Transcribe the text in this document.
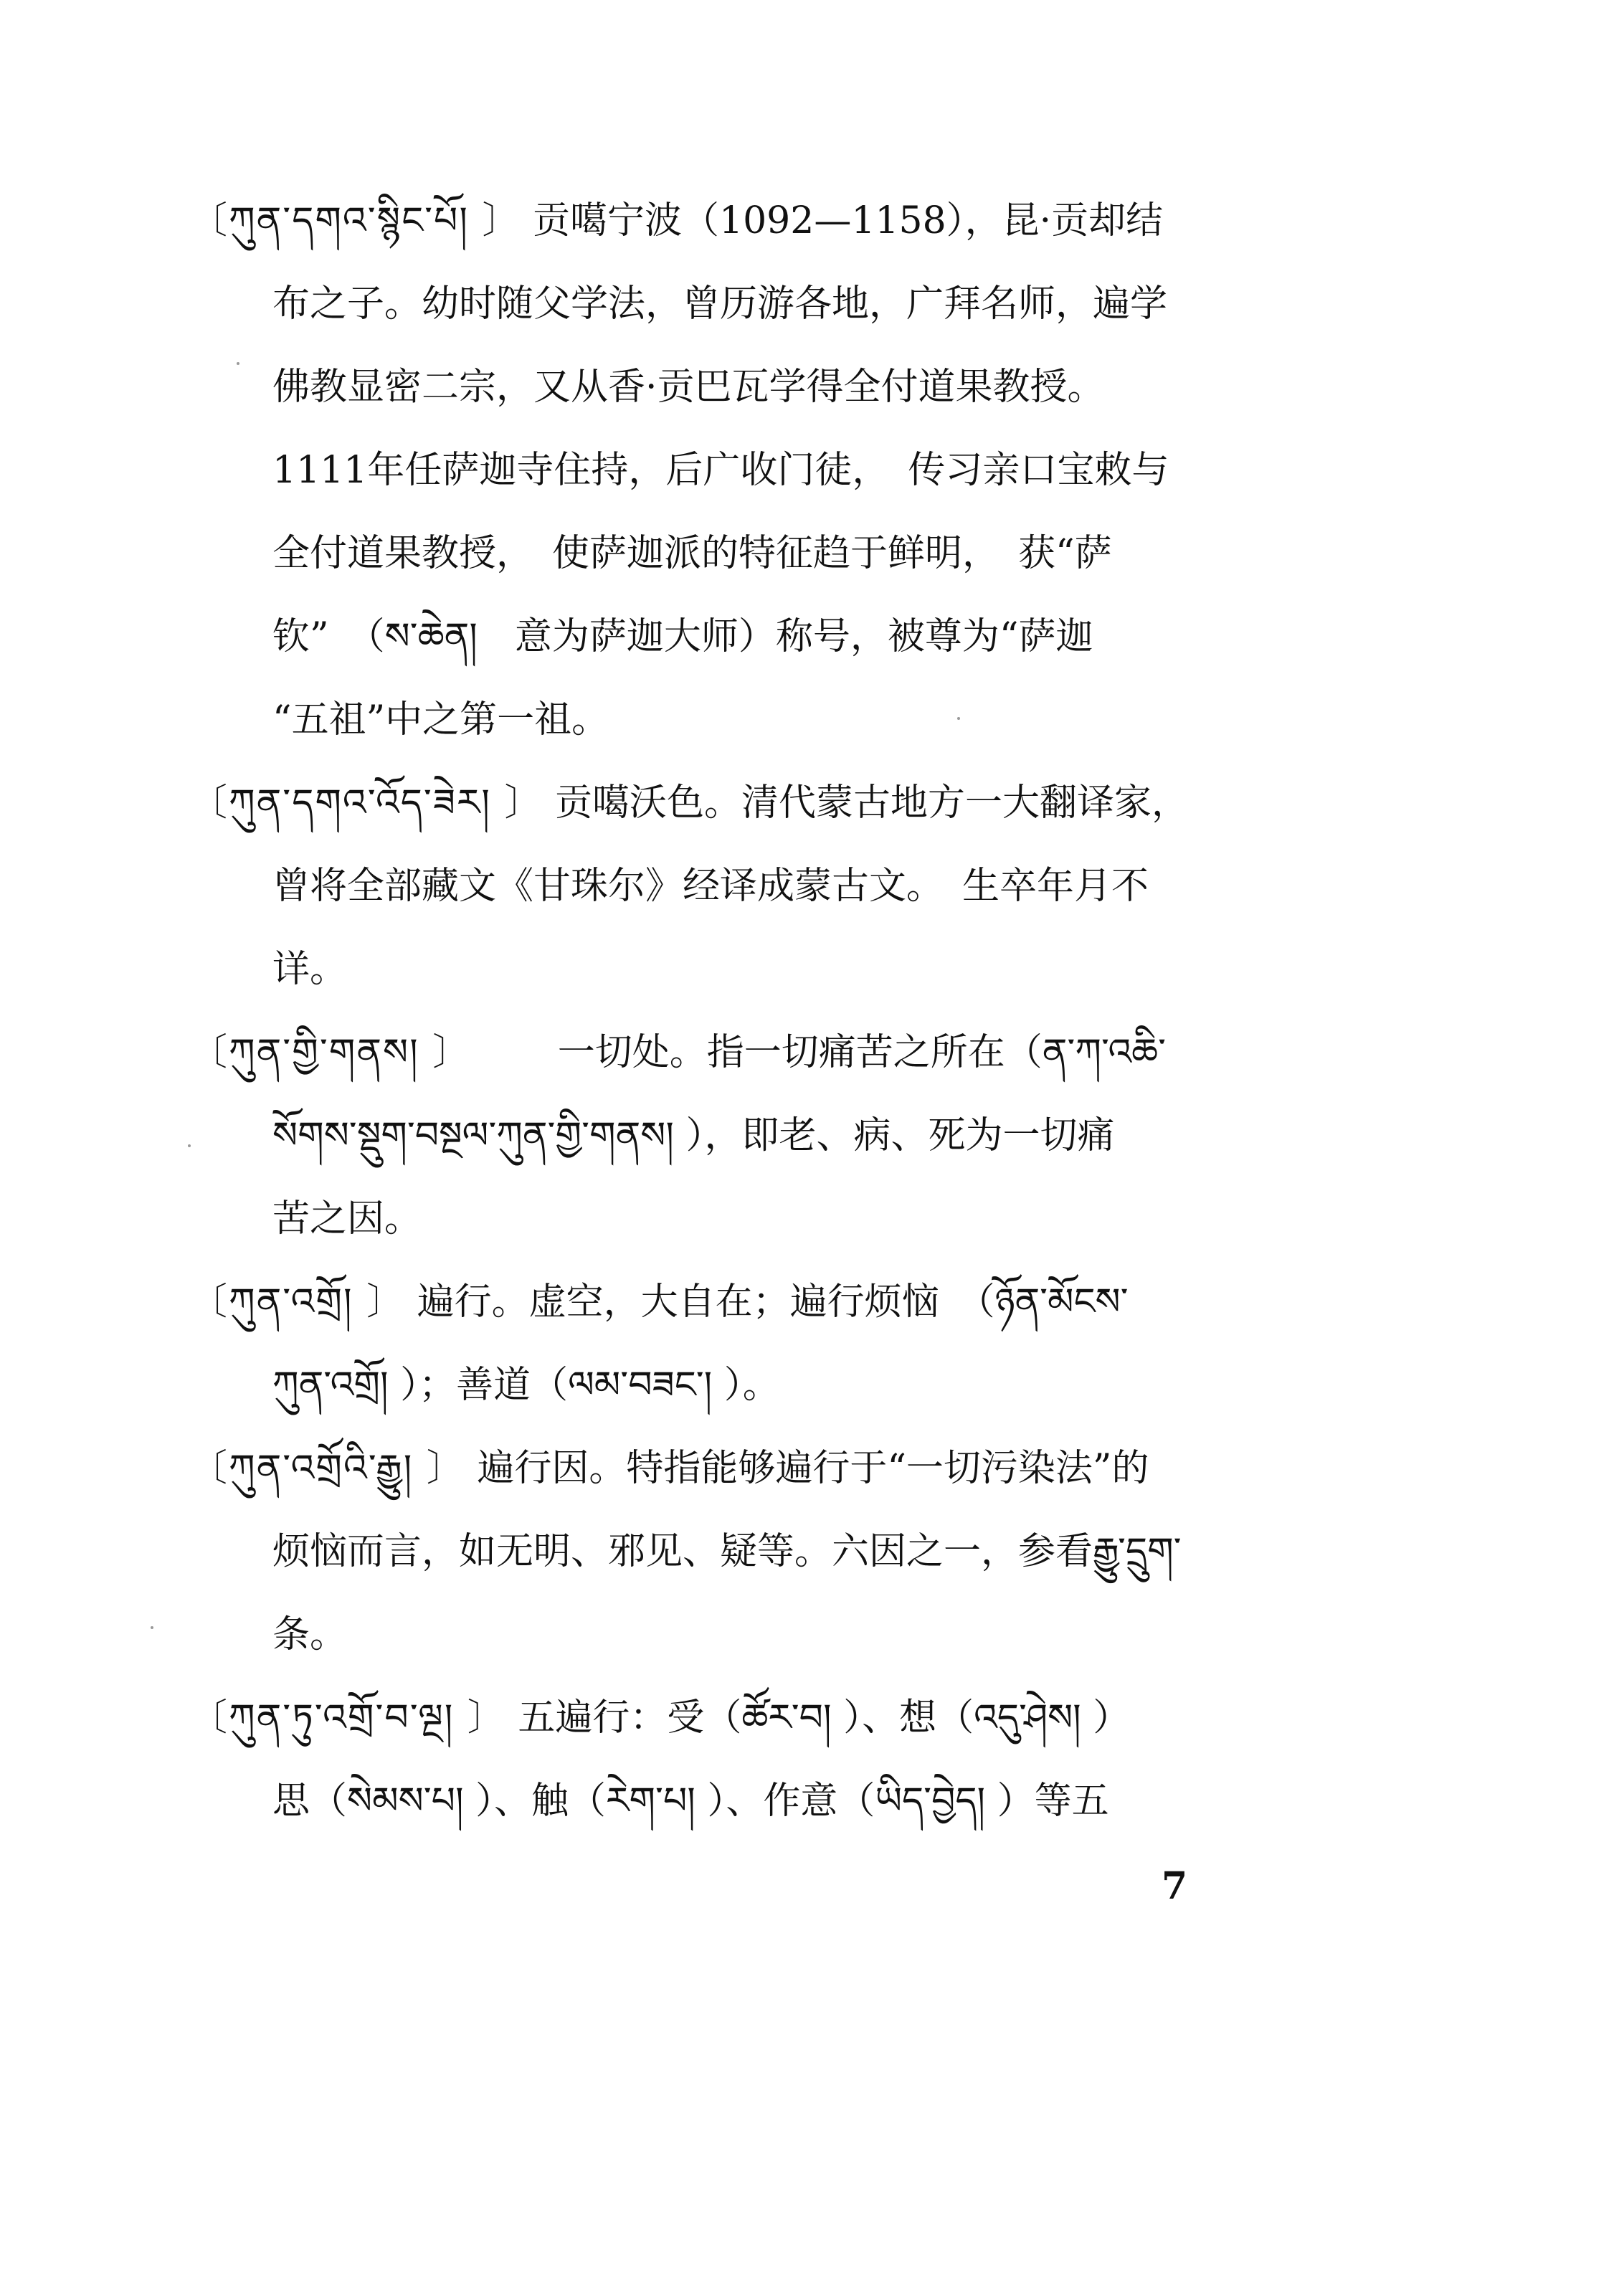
〔ཀུན་དགའ་སྙིང་པོ། 〕 贡噶宁波（1092—1158），昆·贡却结
布之子。幼时随父学法，曾历游各地，广拜名师，遍学
佛教显密二宗，又从香·贡巴瓦学得全付道果教授。
1111年任萨迦寺住持，后广收门徒，　传习亲口宝敕与
全付道果教授，　使萨迦派的特征趋于鲜明，　获“萨
钦”　（ས་ཆེན།　意为萨迦大师）称号，被尊为“萨迦
“五祖”中之第一祖。
〔ཀུན་དགའ་འོད་ཟེར། 〕 贡噶沃色。清代蒙古地方一大翻译家，
曾将全部藏文《甘珠尔》经译成蒙古文。　生卒年月不
详。
〔ཀུན་གྱི་གནས། 〕 　　一切处。指一切痛苦之所在（ན་ཀ་འཆི་
སོགས་སྡུག་བསྔལ་ཀུན་གྱི་གནས། ），即老、病、死为一切痛
苦之因。
〔ཀུན་འགྲོ། 〕 遍行。虚空，大自在；遍行烦恼　（ཉོན་མོངས་
ཀུན་འགྲོ། ）；善道（ལམ་བཟང་། ）。
〔ཀུན་འགྲོའི་རྒྱུ། 〕 遍行因。特指能够遍行于“一切污染法”的
烦恼而言，如无明、邪见、疑等。六因之一，参看རྒྱུ་དྲུག་
条。
〔ཀུན་ཏུ་འགྲོ་བ་ལྔ། 〕 五遍行：受（ཚོར་བ། ）、想（འདུ་ཤེས། ）
思（སེམས་པ། ）、触（རེག་པ། ）、作意（ཡིད་བྱེད། ）等五
7
